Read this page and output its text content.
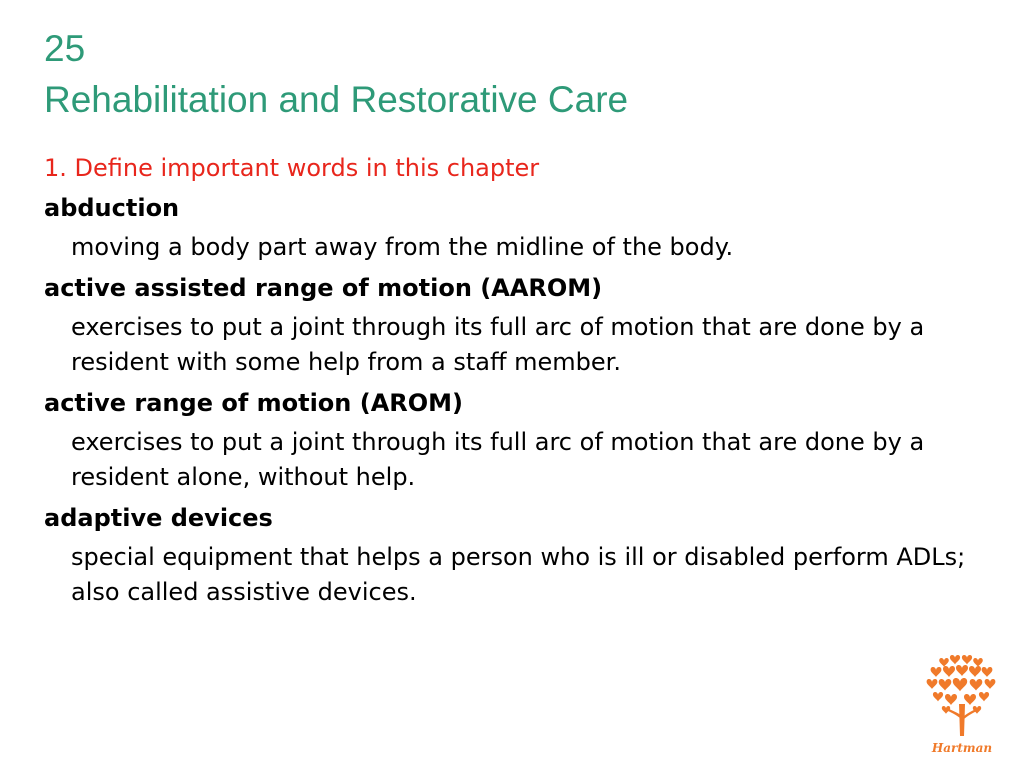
25
Rehabilitation and Restorative Care
1. Define important words in this chapter
abduction
moving a body part away from the midline of the body.
active assisted range of motion (AAROM)
exercises to put a joint through its full arc of motion that are done by a resident with some help from a staff member.
active range of motion (AROM)
exercises to put a joint through its full arc of motion that are done by a resident alone, without help.
adaptive devices
special equipment that helps a person who is ill or disabled perform ADLs; also called assistive devices.
Hartman
